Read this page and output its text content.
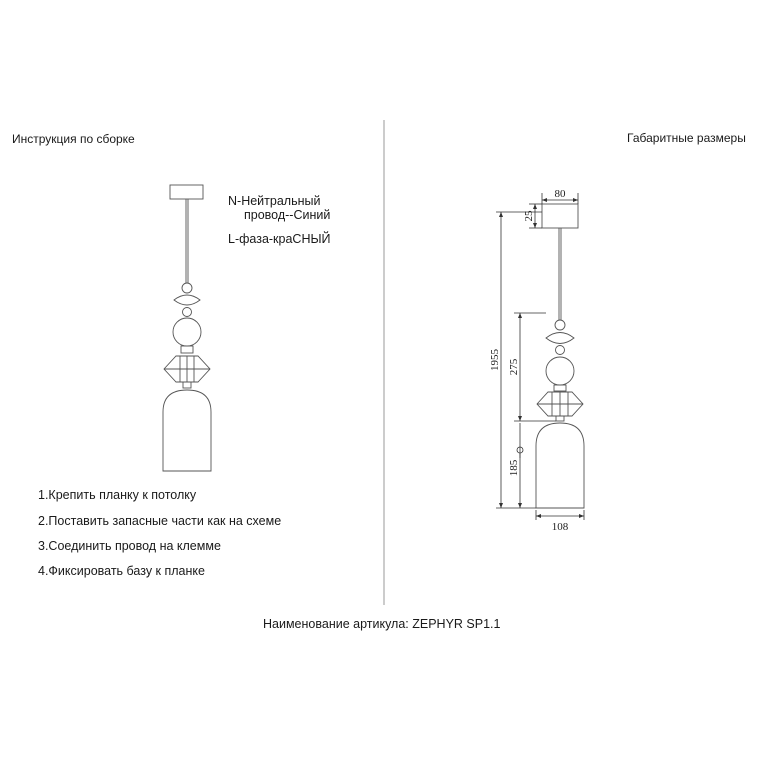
Инструкция по сборке	Габаритные размеры
N-Нейтральный
провод--Синий
L-фаза-краСНЫЙ
1.Крепить планку к потолку
2.Поставить запасные части как на схеме
3.Соединить провод на клемме
4.Фиксировать базу к планке
Наименование артикула: ZEPHYR SP1.1
80
25
1955 275
185
108
